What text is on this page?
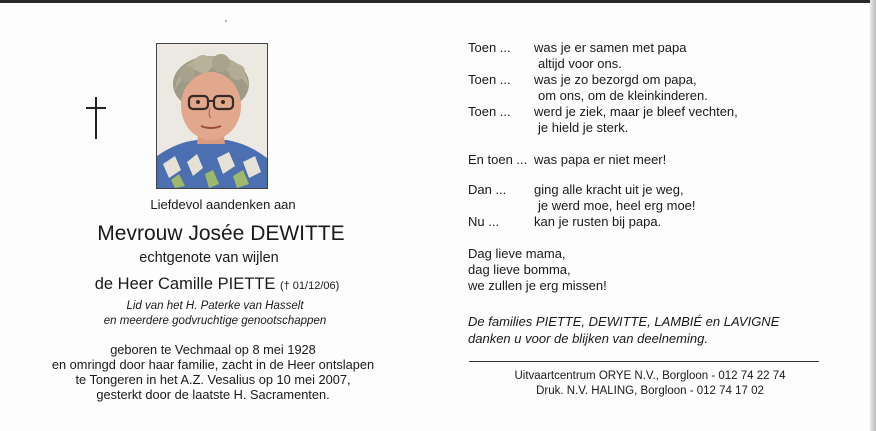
Liefdevol aandenken aan
Mevrouw Josée DEWITTE
echtgenote van wijlen
de Heer Camille PIETTE († 01/12/06)
Lid van het H. Paterke van Hasselt
en meerdere godvruchtige genootschappen
geboren te Vechmaal op 8 mei 1928
en omringd door haar familie, zacht in de Heer ontslapen
te Tongeren in het A.Z. Vesalius op 10 mei 2007,
gesterkt door de laatste H. Sacramenten.
Toen ... was je er samen met papa
altijd voor ons.
Toen ... was je zo bezorgd om papa,
om ons, om de kleinkinderen.
Toen ... werd je ziek, maar je bleef vechten,
je hield je sterk.
En toen ... was papa er niet meer!
Dan ... ging alle kracht uit je weg,
je werd moe, heel erg moe!
Nu ...	kan je rusten bij papa.
Dag lieve mama,
dag lieve bomma,
we zullen je erg missen!
De families PIETTE, DEWITTE, LAMBIÉ en LAVIGNE
danken u voor de blijken van deelneming.
Uitvaartcentrum ORYE N.V., Borgloon - 012 74 22 74
Druk. N.V. HALING, Borgloon - 012 74 17 02
